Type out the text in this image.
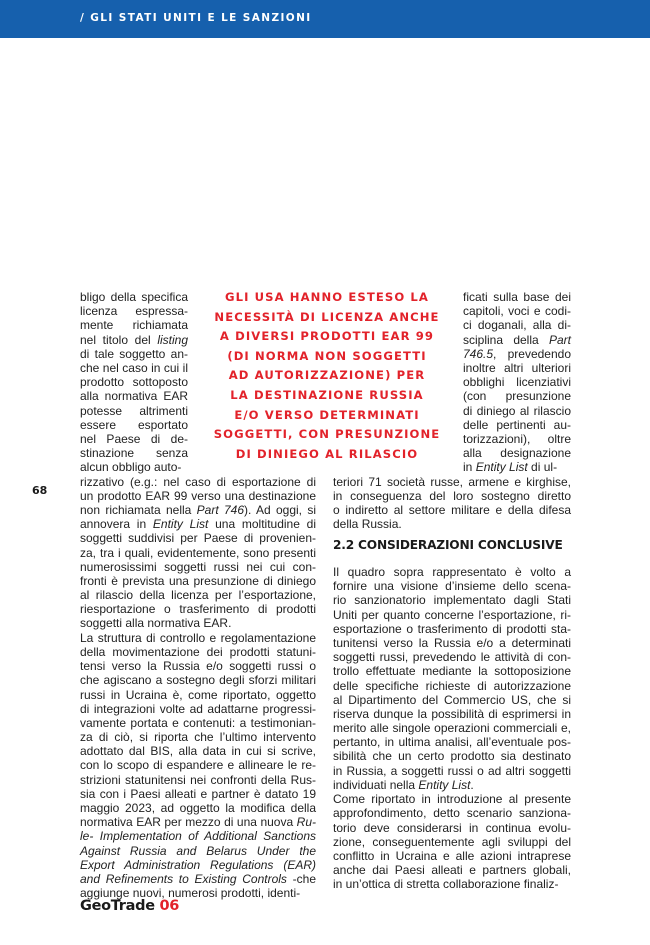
/ GLI STATI UNITI E LE SANZIONI
bligo della specifica
licenza espressa-
mente richiamata
nel titolo del listing
di tale soggetto an-
che nel caso in cui il
prodotto sottoposto
alla normativa EAR
potesse altrimenti
essere esportato
nel Paese di de-
stinazione senza
alcun obbligo auto-
rizzativo (e.g.: nel caso di esportazione di
un prodotto EAR 99 verso una destinazione
non richiamata nella Part 746). Ad oggi, si
annovera in Entity List una moltitudine di
soggetti suddivisi per Paese di provenien-
za, tra i quali, evidentemente, sono presenti
numerosissimi soggetti russi nei cui con-
fronti è prevista una presunzione di diniego
al rilascio della licenza per l’esportazione,
riesportazione o trasferimento di prodotti
soggetti alla normativa EAR.
La struttura di controllo e regolamentazione
della movimentazione dei prodotti statuni-
tensi verso la Russia e/o soggetti russi o
che agiscano a sostegno degli sforzi militari
russi in Ucraina è, come riportato, oggetto
di integrazioni volte ad adattarne progressi-
vamente portata e contenuti: a testimonian-
za di ciò, si riporta che l’ultimo intervento
adottato dal BIS, alla data in cui si scrive,
con lo scopo di espandere e allineare le re-
strizioni statunitensi nei confronti della Rus-
sia con i Paesi alleati e partner è datato 19
maggio 2023, ad oggetto la modifica della
normativa EAR per mezzo di una nuova Ru-
le- Implementation of Additional Sanctions
Against Russia and Belarus Under the
Export Administration Regulations (EAR)
and Refinements to Existing Controls -che
aggiunge nuovi, numerosi prodotti, identi-
GLI USA HANNO ESTESO LA
NECESSITÀ DI LICENZA ANCHE
A DIVERSI PRODOTTI EAR 99
(DI NORMA NON SOGGETTI
AD AUTORIZZAZIONE) PER
LA DESTINAZIONE RUSSIA
E/O VERSO DETERMINATI
SOGGETTI, CON PRESUNZIONE
DI DINIEGO AL RILASCIO
ficati sulla base dei
capitoli, voci e codi-
ci doganali, alla di-
sciplina della Part
746.5, prevedendo
inoltre altri ulteriori
obblighi licenziativi
(con presunzione
di diniego al rilascio
delle pertinenti au-
torizzazioni), oltre
alla designazione
in Entity List di ul-
teriori 71 società russe, armene e kirghise,
in conseguenza del loro sostegno diretto
o indiretto al settore militare e della difesa
della Russia.
2.2 CONSIDERAZIONI CONCLUSIVE
Il quadro sopra rappresentato è volto a
fornire una visione d’insieme dello scena-
rio sanzionatorio implementato dagli Stati
Uniti per quanto concerne l’esportazione, ri-
esportazione o trasferimento di prodotti sta-
tunitensi verso la Russia e/o a determinati
soggetti russi, prevedendo le attività di con-
trollo effettuate mediante la sottoposizione
delle specifiche richieste di autorizzazione
al Dipartimento del Commercio US, che si
riserva dunque la possibilità di esprimersi in
merito alle singole operazioni commerciali e,
pertanto, in ultima analisi, all’eventuale pos-
sibilità che un certo prodotto sia destinato
in Russia, a soggetti russi o ad altri soggetti
individuati nella Entity List.
Come riportato in introduzione al presente
approfondimento, detto scenario sanziona-
torio deve considerarsi in continua evolu-
zione, conseguentemente agli sviluppi del
conflitto in Ucraina e alle azioni intraprese
anche dai Paesi alleati e partners globali,
in un’ottica di stretta collaborazione finaliz-
68
GeoTrade 06
